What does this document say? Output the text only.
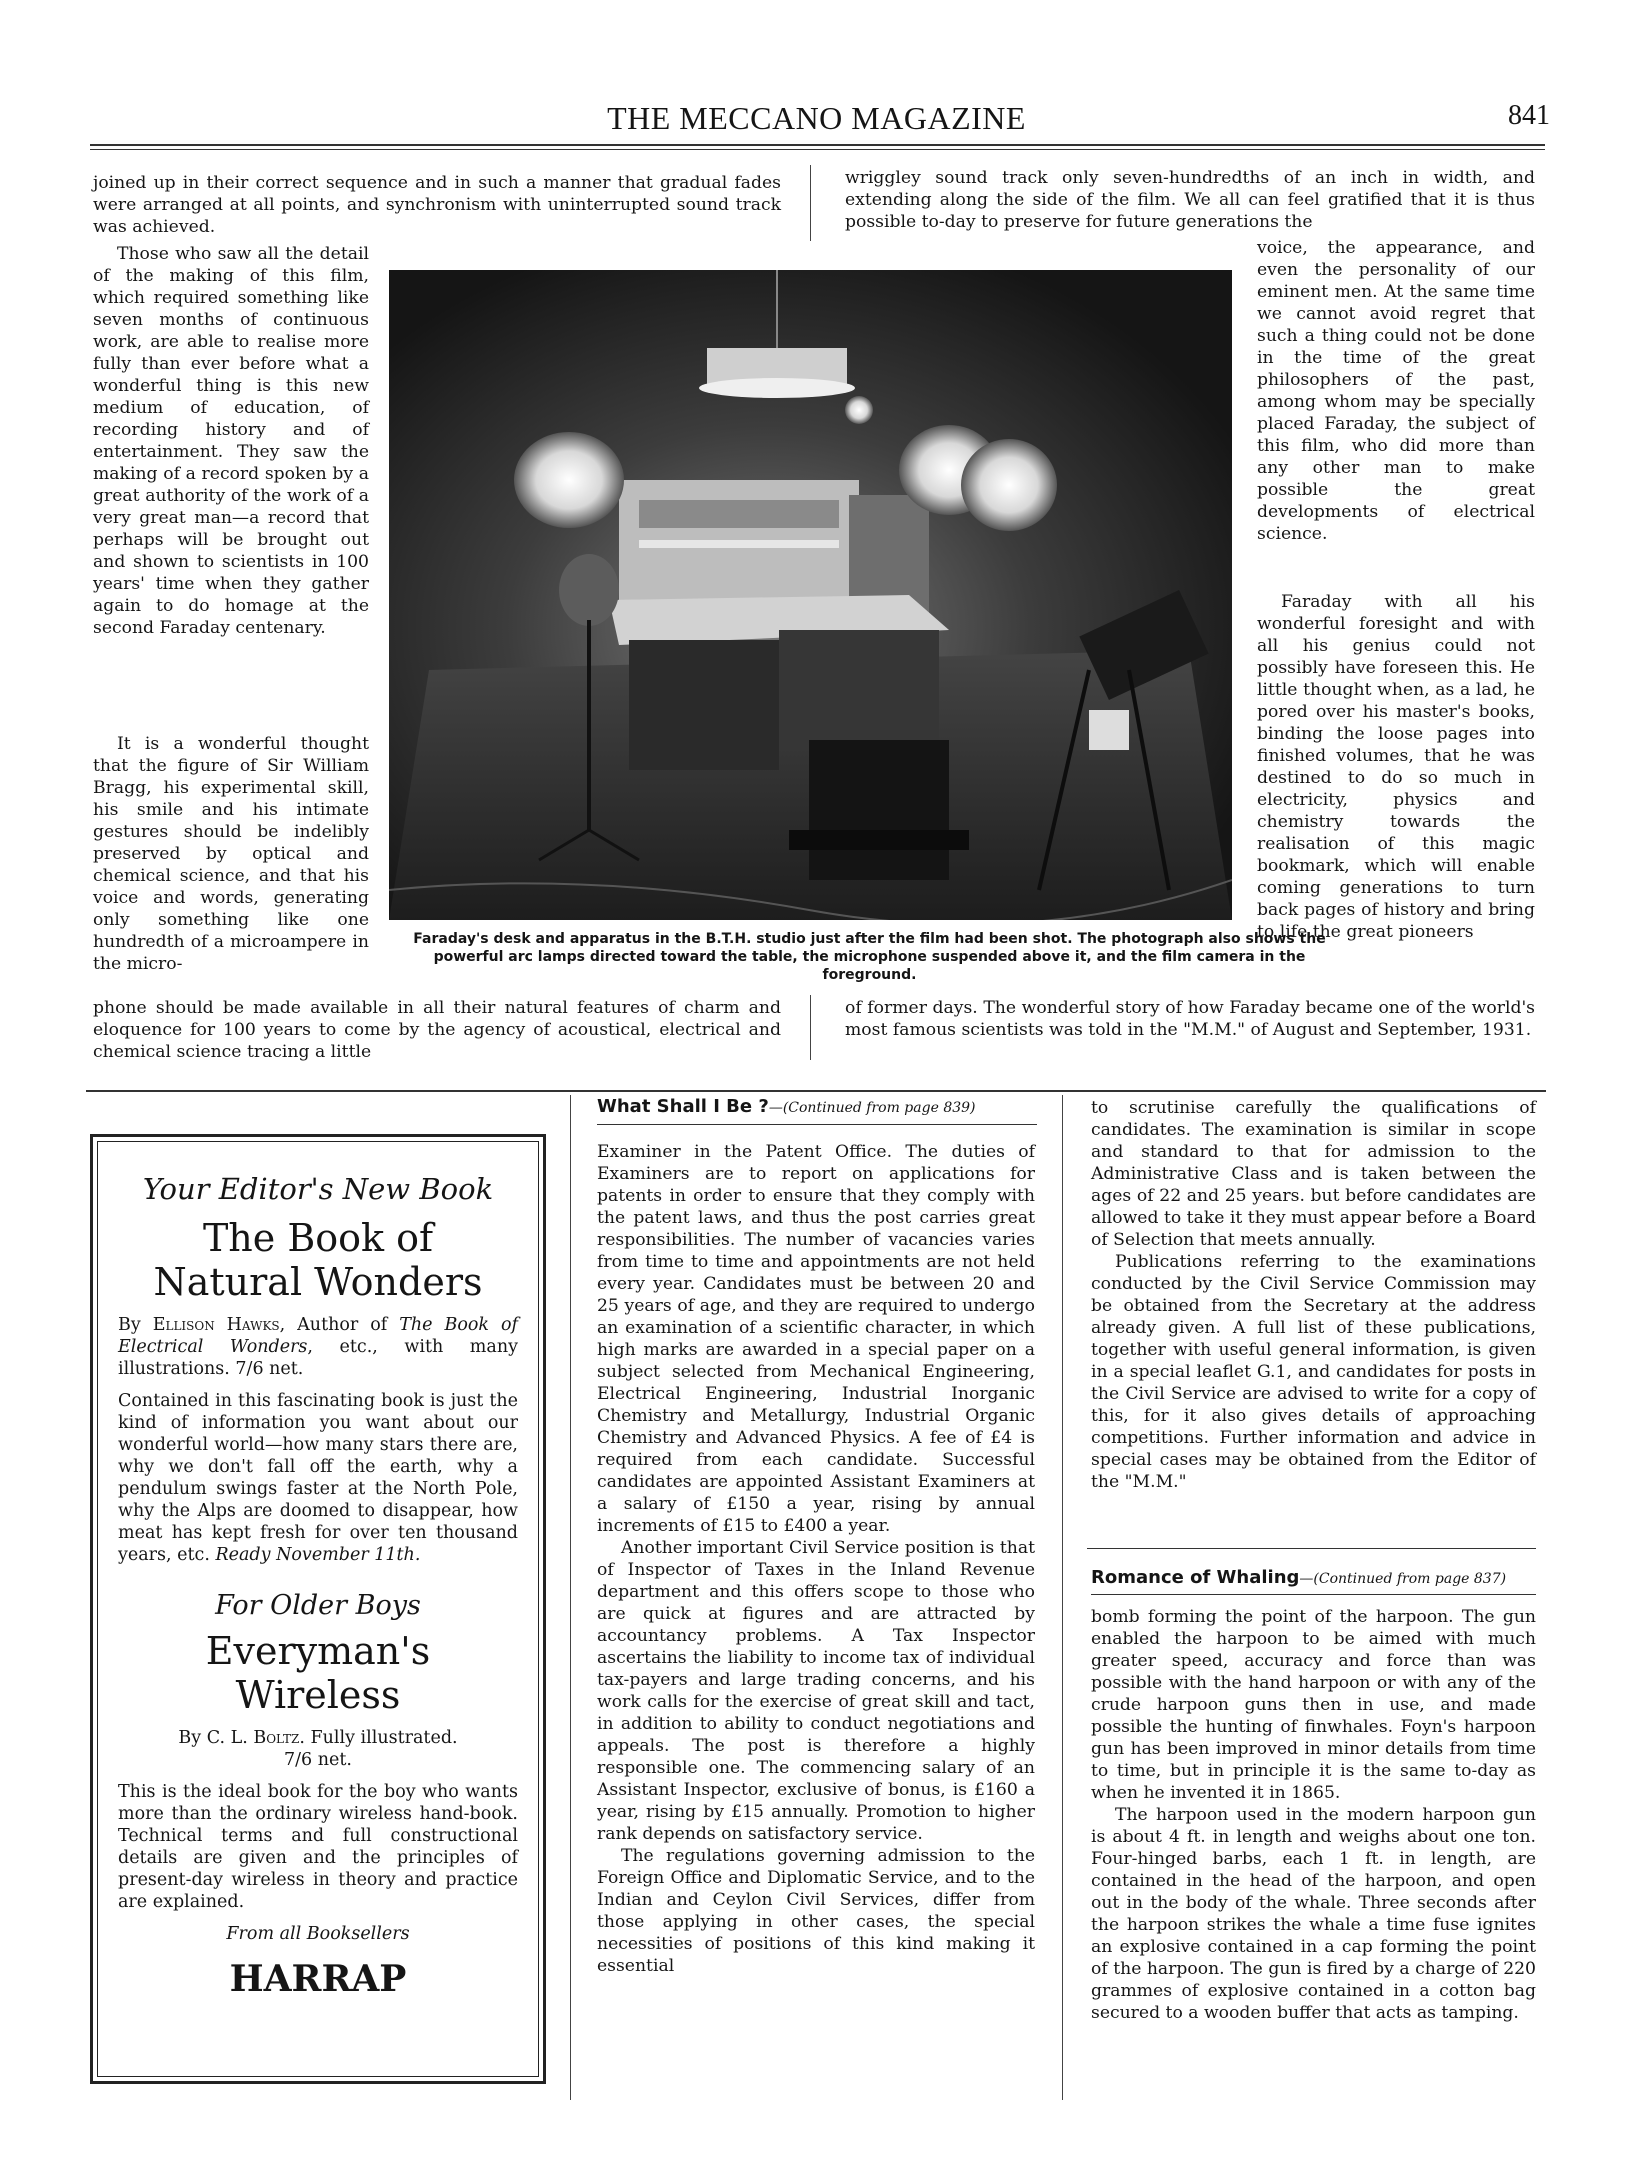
THE MECCANO MAGAZINE	841
joined up in their correct sequence and in such a manner that gradual fades were arranged at all points, and synchronism with uninterrupted sound track was achieved.
wriggley sound track only seven-hundredths of an inch in width, and extending along the side of the film. We all can feel gratified that it is thus possible to-day to preserve for future generations the
Those who saw all the detail of the making of this film, which required something like seven months of continuous work, are able to realise more fully than ever before what a wonderful thing is this new medium of education, of recording history and of entertainment. They saw the making of a record spoken by a great authority of the work of a very great man—a record that perhaps will be brought out and shown to scientists in 100 years' time when they gather again to do homage at the second Faraday centenary.
It is a wonderful thought that the figure of Sir William Bragg, his experimental skill, his smile and his intimate gestures should be indelibly preserved by optical and chemical science, and that his voice and words, generating only something like one hundredth of a microampere in the micro-
Faraday's desk and apparatus in the B.T.H. studio just after the film had been shot. The photograph also shows the powerful arc lamps directed toward the table, the microphone suspended above it, and the film camera in the foreground.
voice, the appearance, and even the personality of our eminent men. At the same time we cannot avoid regret that such a thing could not be done in the time of the great philosophers of the past, among whom may be specially placed Faraday, the subject of this film, who did more than any other man to make possible the great developments of electrical science.
Faraday with all his wonderful foresight and with all his genius could not possibly have foreseen this. He little thought when, as a lad, he pored over his master's books, binding the loose pages into finished volumes, that he was destined to do so much in electricity, physics and chemistry towards the realisation of this magic bookmark, which will enable coming generations to turn back pages of history and bring to life the great pioneers
phone should be made available in all their natural features of charm and eloquence for 100 years to come by the agency of acoustical, electrical and chemical science tracing a little
of former days. The wonderful story of how Faraday became one of the world's most famous scientists was told in the "M.M." of August and September, 1931.
Your Editor's New Book
The Book of
Natural Wonders
By Ellison Hawks, Author of The Book of Electrical Wonders, etc., with many illustrations. 7/6 net.
Contained in this fascinating book is just the kind of information you want about our wonderful world—how many stars there are, why we don't fall off the earth, why a pendulum swings faster at the North Pole, why the Alps are doomed to disappear, how meat has kept fresh for over ten thousand years, etc. Ready November 11th.
For Older Boys
Everyman's
Wireless
By C. L. Boltz. Fully illustrated.
7/6 net.
This is the ideal book for the boy who wants more than the ordinary wireless hand-book. Technical terms and full constructional details are given and the principles of present-day wireless in theory and practice are explained.
From all Booksellers
HARRAP
What Shall I Be ?—(Continued from page 839)
Examiner in the Patent Office. The duties of Examiners are to report on applications for patents in order to ensure that they comply with the patent laws, and thus the post carries great responsibilities. The number of vacancies varies from time to time and appointments are not held every year. Candidates must be between 20 and 25 years of age, and they are required to undergo an examination of a scientific character, in which high marks are awarded in a special paper on a subject selected from Mechanical Engineering, Electrical Engineering, Industrial Inorganic Chemistry and Metallurgy, Industrial Organic Chemistry and Advanced Physics. A fee of £4 is required from each candidate. Successful candidates are appointed Assistant Examiners at a salary of £150 a year, rising by annual increments of £15 to £400 a year.
Another important Civil Service position is that of Inspector of Taxes in the Inland Revenue department and this offers scope to those who are quick at figures and are attracted by accountancy problems. A Tax Inspector ascertains the liability to income tax of individual tax-payers and large trading concerns, and his work calls for the exercise of great skill and tact, in addition to ability to conduct negotiations and appeals. The post is therefore a highly responsible one. The commencing salary of an Assistant Inspector, exclusive of bonus, is £160 a year, rising by £15 annually. Promotion to higher rank depends on satisfactory service.
The regulations governing admission to the Foreign Office and Diplomatic Service, and to the Indian and Ceylon Civil Services, differ from those applying in other cases, the special necessities of positions of this kind making it essential
to scrutinise carefully the qualifications of candidates. The examination is similar in scope and standard to that for admission to the Administrative Class and is taken between the ages of 22 and 25 years. but before candidates are allowed to take it they must appear before a Board of Selection that meets annually.
Publications referring to the examinations conducted by the Civil Service Commission may be obtained from the Secretary at the address already given. A full list of these publications, together with useful general information, is given in a special leaflet G.1, and candidates for posts in the Civil Service are advised to write for a copy of this, for it also gives details of approaching competitions. Further information and advice in special cases may be obtained from the Editor of the "M.M."
Romance of Whaling—(Continued from page 837)
bomb forming the point of the harpoon. The gun enabled the harpoon to be aimed with much greater speed, accuracy and force than was possible with the hand harpoon or with any of the crude harpoon guns then in use, and made possible the hunting of finwhales. Foyn's harpoon gun has been improved in minor details from time to time, but in principle it is the same to-day as when he invented it in 1865.
The harpoon used in the modern harpoon gun is about 4 ft. in length and weighs about one ton. Four-hinged barbs, each 1 ft. in length, are contained in the head of the harpoon, and open out in the body of the whale. Three seconds after the harpoon strikes the whale a time fuse ignites an explosive contained in a cap forming the point of the harpoon. The gun is fired by a charge of 220 grammes of explosive contained in a cotton bag secured to a wooden buffer that acts as tamping.
